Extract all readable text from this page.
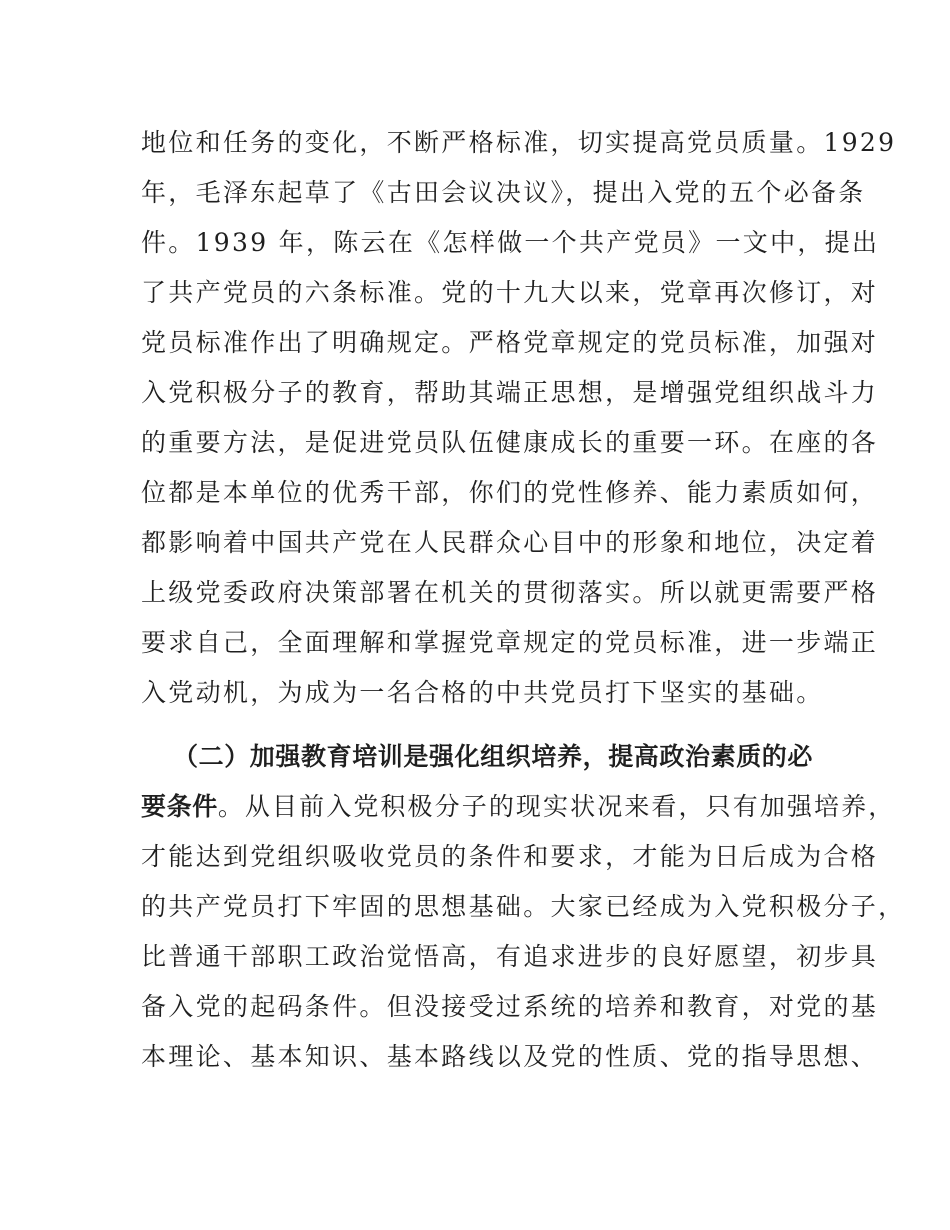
地位和任务的变化，不断严格标准，切实提高党员质量。1929
年，毛泽东起草了《古田会议决议》，提出入党的五个必备条
件。1939 年，陈云在《怎样做一个共产党员》一文中，提出
了共产党员的六条标准。党的十九大以来，党章再次修订，对
党员标准作出了明确规定。严格党章规定的党员标准，加强对
入党积极分子的教育，帮助其端正思想，是增强党组织战斗力
的重要方法，是促进党员队伍健康成长的重要一环。在座的各
位都是本单位的优秀干部，你们的党性修养、能力素质如何，
都影响着中国共产党在人民群众心目中的形象和地位，决定着
上级党委政府决策部署在机关的贯彻落实。所以就更需要严格
要求自己，全面理解和掌握党章规定的党员标准，进一步端正
入党动机，为成为一名合格的中共党员打下坚实的基础。
（二）加强教育培训是强化组织培养，提高政治素质的必
要条件。从目前入党积极分子的现实状况来看，只有加强培养，
才能达到党组织吸收党员的条件和要求，才能为日后成为合格
的共产党员打下牢固的思想基础。大家已经成为入党积极分子，
比普通干部职工政治觉悟高，有追求进步的良好愿望，初步具
备入党的起码条件。但没接受过系统的培养和教育，对党的基
本理论、基本知识、基本路线以及党的性质、党的指导思想、
